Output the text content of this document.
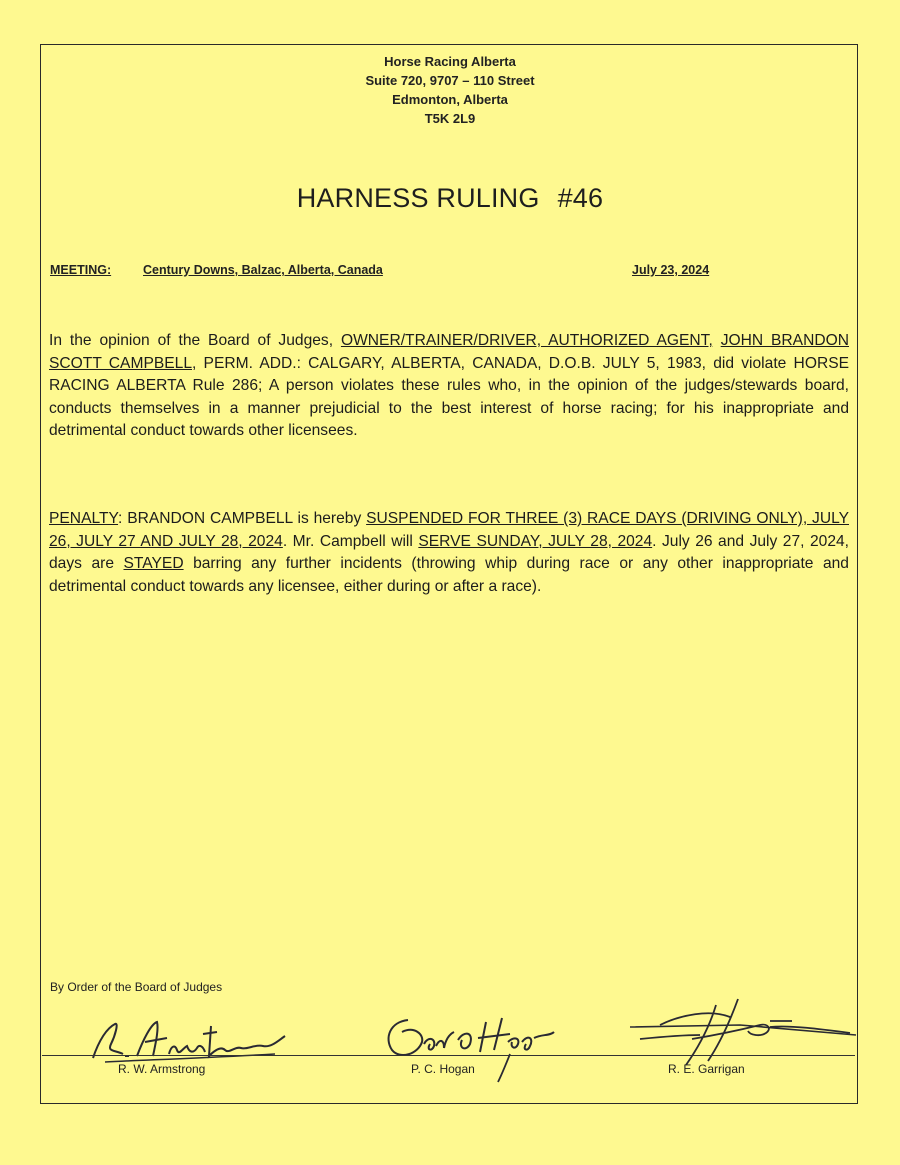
Horse Racing Alberta
Suite 720, 9707 – 110 Street
Edmonton, Alberta
T5K 2L9
HARNESS RULING #46
MEETING:	Century Downs, Balzac, Alberta, Canada	July 23, 2024
In the opinion of the Board of Judges, OWNER/TRAINER/DRIVER, AUTHORIZED AGENT, JOHN BRANDON SCOTT CAMPBELL, PERM. ADD.: CALGARY, ALBERTA, CANADA, D.O.B. JULY 5, 1983, did violate HORSE RACING ALBERTA Rule 286; A person violates these rules who, in the opinion of the judges/stewards board, conducts themselves in a manner prejudicial to the best interest of horse racing; for his inappropriate and detrimental conduct towards other licensees.
PENALTY: BRANDON CAMPBELL is hereby SUSPENDED FOR THREE (3) RACE DAYS (DRIVING ONLY), JULY 26, JULY 27 AND JULY 28, 2024. Mr. Campbell will SERVE SUNDAY, JULY 28, 2024. July 26 and July 27, 2024, days are STAYED barring any further incidents (throwing whip during race or any other inappropriate and detrimental conduct towards any licensee, either during or after a race).
By Order of the Board of Judges
R. W. Armstrong	P. C. Hogan	R. E. Garrigan
